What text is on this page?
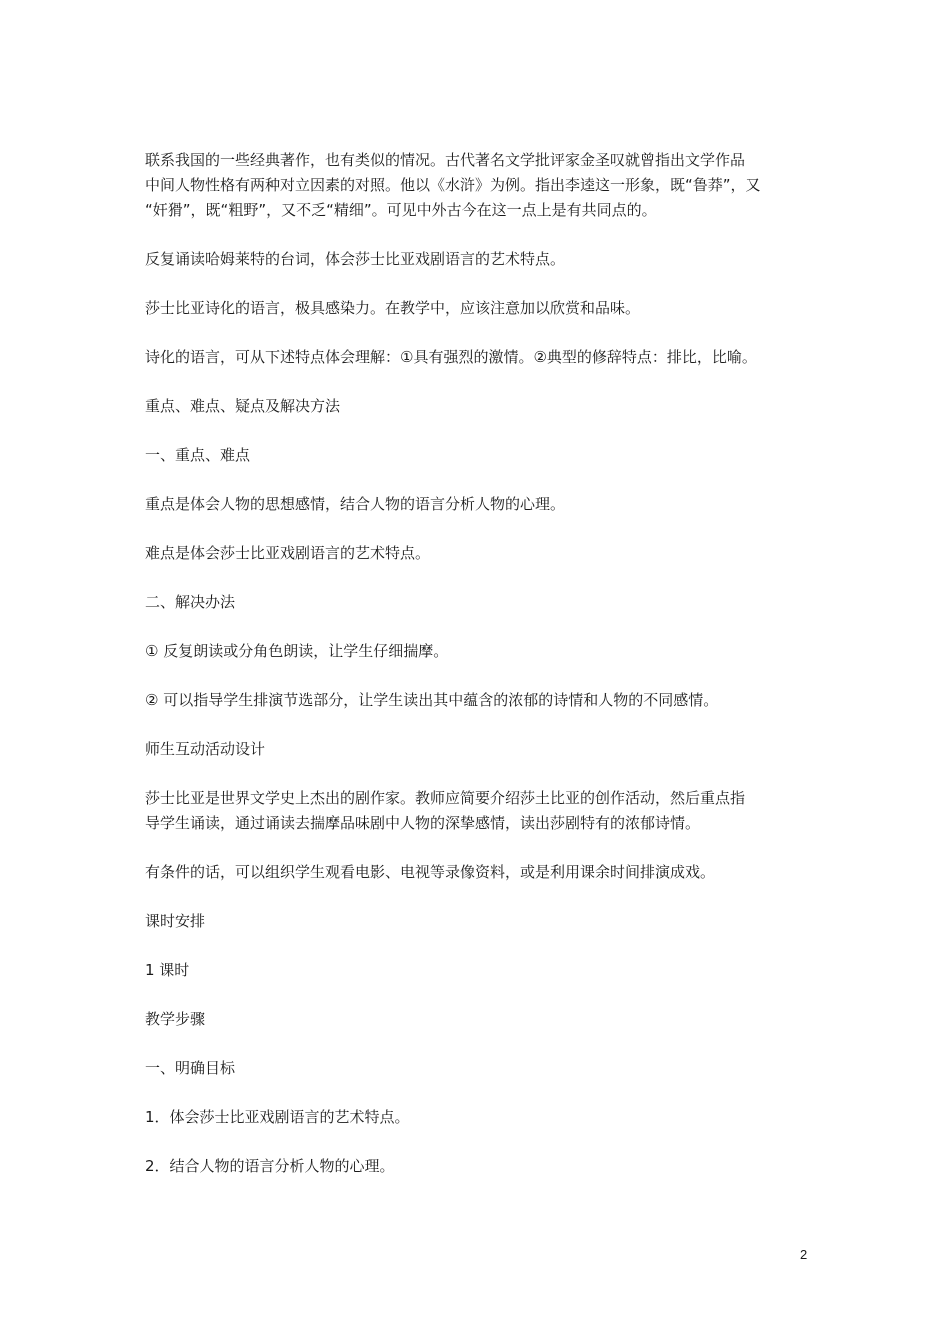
联系我国的一些经典著作，也有类似的情况。古代著名文学批评家金圣叹就曾指出文学作品
中间人物性格有两种对立因素的对照。他以《水浒》为例。指出李逵这一形象，既“鲁莽”，又
“奸猾”，既“粗野”，又不乏“精细”。可见中外古今在这一点上是有共同点的。

反复诵读哈姆莱特的台词，体会莎士比亚戏剧语言的艺术特点。

莎士比亚诗化的语言，极具感染力。在教学中，应该注意加以欣赏和品味。

诗化的语言，可从下述特点体会理解：①具有强烈的激情。②典型的修辞特点：排比，比喻。

重点、难点、疑点及解决方法

一、重点、难点

重点是体会人物的思想感情，结合人物的语言分析人物的心理。

难点是体会莎士比亚戏剧语言的艺术特点。

二、解决办法

① 反复朗读或分角色朗读，让学生仔细揣摩。

② 可以指导学生排演节选部分，让学生读出其中蕴含的浓郁的诗情和人物的不同感情。

师生互动活动设计

莎士比亚是世界文学史上杰出的剧作家。教师应简要介绍莎土比亚的创作活动，然后重点指
导学生诵读，通过诵读去揣摩品味剧中人物的深挚感情，读出莎剧特有的浓郁诗情。

有条件的话，可以组织学生观看电影、电视等录像资料，或是利用课余时间排演成戏。

课时安排

1 课时

教学步骤

一、明确目标

1．体会莎士比亚戏剧语言的艺术特点。

2．结合人物的语言分析人物的心理。

2
